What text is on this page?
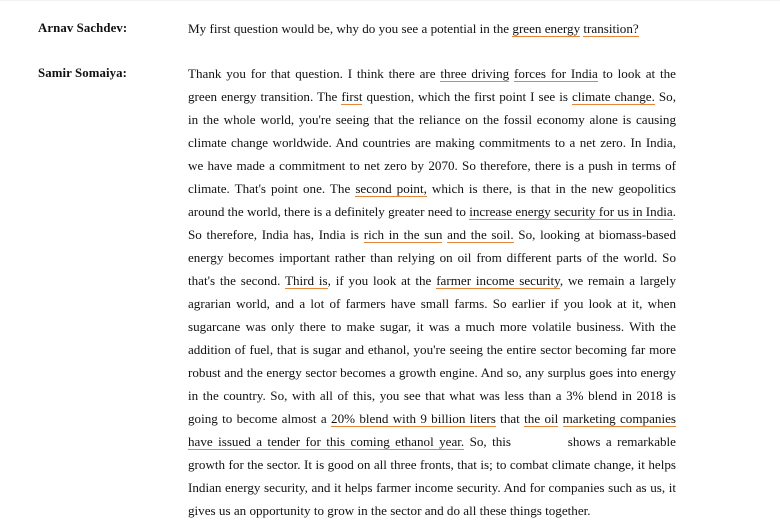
Arnav Sachdev:	My first question would be, why do you see a potential in the green energy transition?
Samir Somaiya:	Thank you for that question. I think there are three driving forces for India to look at the green energy transition. The first question, which the first point I see is climate change. So, in the whole world, you're seeing that the reliance on the fossil economy alone is causing climate change worldwide. And countries are making commitments to a net zero. In India, we have made a commitment to net zero by 2070. So therefore, there is a push in terms of climate. That's point one. The second point, which is there, is that in the new geopolitics around the world, there is a definitely greater need to increase energy security for us in India. So therefore, India has, India is rich in the sun and the soil. So, looking at biomass-based energy becomes important rather than relying on oil from different parts of the world. So that's the second. Third is, if you look at the farmer income security, we remain a largely agrarian world, and a lot of farmers have small farms. So earlier if you look at it, when sugarcane was only there to make sugar, it was a much more volatile business. With the addition of fuel, that is sugar and ethanol, you're seeing the entire sector becoming far more robust and the energy sector becomes a growth engine. And so, any surplus goes into energy in the country. So, with all of this, you see that what was less than a 3% blend in 2018 is going to become almost a 20% blend with 9 billion liters that the oil marketing companies have issued a tender for this coming ethanol year. So, this	shows a remarkable growth for the sector. It is good on all three fronts, that is; to combat climate change, it helps Indian energy security, and it helps farmer income security. And for companies such as us, it gives us an opportunity to grow in the sector and do all these things together.
